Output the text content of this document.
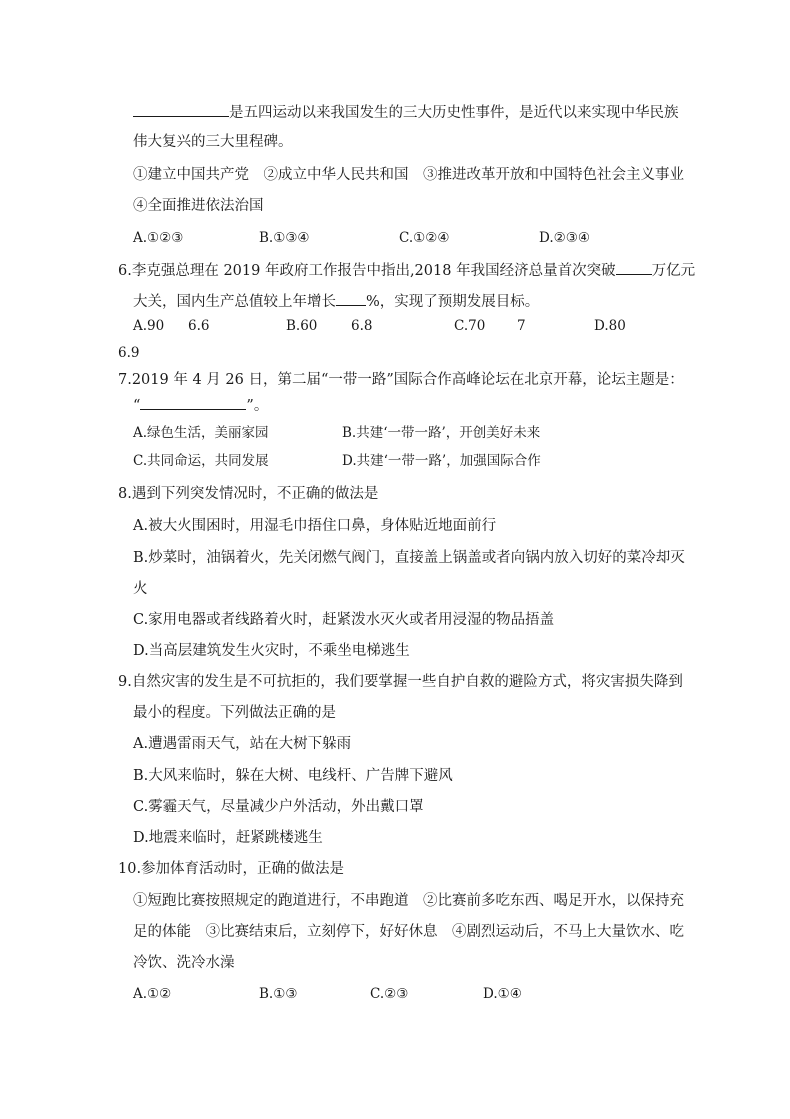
是五四运动以来我国发生的三大历史性事件，是近代以来实现中华民族
伟大复兴的三大里程碑。
①建立中国共产党　②成立中华人民共和国　③推进改革开放和中国特色社会主义事业
④全面推进依法治国
A.①②③	B.①③④	C.①②④	D.②③④
6.李克强总理在 2019 年政府工作报告中指出,2018 年我国经济总量首次突破 万亿元
大关，国内生产总值较上年增长 %，实现了预期发展目标。
A.90 6.6	B.60 6.8	C.70 7	D.80
6.9
7.2019 年 4 月 26 日，第二届“一带一路”国际合作高峰论坛在北京开幕，论坛主题是：
“	”。
A.绿色生活，美丽家园	B.共建‘一带一路’，开创美好未来
C.共同命运，共同发展	D.共建‘一带一路’，加强国际合作
8.遇到下列突发情况时，不正确的做法是
A.被大火围困时，用湿毛巾捂住口鼻，身体贴近地面前行
B.炒菜时，油锅着火，先关闭燃气阀门，直接盖上锅盖或者向锅内放入切好的菜冷却灭
火
C.家用电器或者线路着火时，赶紧泼水灭火或者用浸湿的物品捂盖
D.当高层建筑发生火灾时，不乘坐电梯逃生
9.自然灾害的发生是不可抗拒的，我们要掌握一些自护自救的避险方式，将灾害损失降到
最小的程度。下列做法正确的是
A.遭遇雷雨天气，站在大树下躲雨
B.大风来临时，躲在大树、电线杆、广告牌下避风
C.雾霾天气，尽量减少户外活动，外出戴口罩
D.地震来临时，赶紧跳楼逃生
10.参加体育活动时，正确的做法是
①短跑比赛按照规定的跑道进行，不串跑道　②比赛前多吃东西、喝足开水，以保持充
足的体能　③比赛结束后，立刻停下，好好休息　④剧烈运动后，不马上大量饮水、吃
冷饮、洗冷水澡
A.①②	B.①③	C.②③	D.①④
